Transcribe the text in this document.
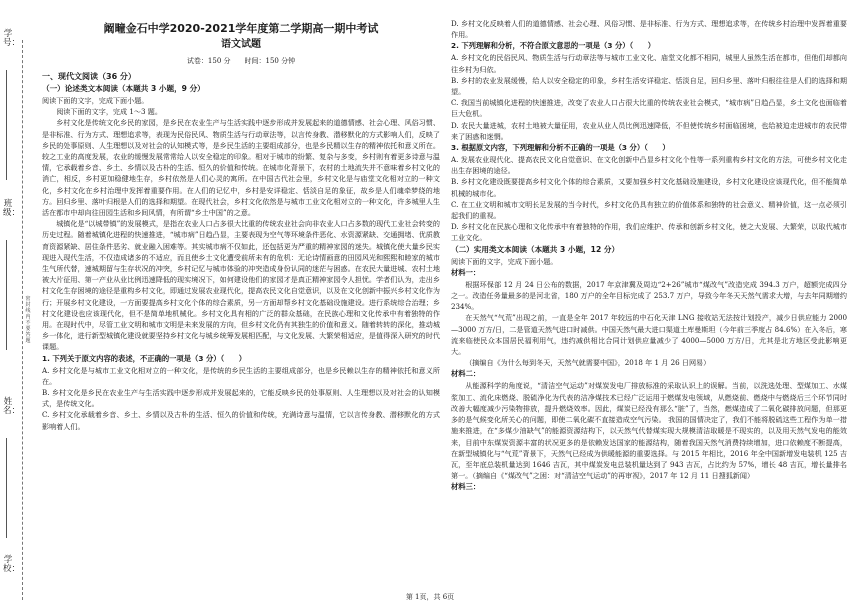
学号：
班级：
姓名：
学校：
密封线内不要答题
阚疃金石中学2020-2021学年度第二学期高一期中考试
语文试题
试卷：150 分　　时间：150 分钟
一、现代文阅读（36 分）
（一）论述类文本阅读（本题共 3 小题，9 分）

阅读下面的文字，完成下面小题。

阅读下面的文字，完成 1～3 题。

乡村文化是传统文化乡民的家园，是乡民在农业生产与生活实践中逐步形成并发展起来的道德情感、社会心理、风俗习惯、是非标准、行为方式、理想追求等，表现为民俗民风、物质生活与行动章法等，以言传身教、潜移默化的方式影响人们，反映了乡民的处事原则、人生理想以及对社会的认知模式等，是乡民生活的主要组成部分，也是乡民精以生存的精神依托和意义所在。较之工业的高度发展，农业的缓慢发展常常给人以安全稳定的印象。相对于城市的纷繁、复杂与多变，乡村则有着更多诗意与温情，它承载着乡音、乡土、乡情以及古朴的生活、恒久的价值和传统。在城市化背景下，农村的土地流失并不意味着乡村文化的消亡，相反，乡村更加稳健地生存，乡村依然是人们心灵的寓所。在中国古代社会里，乡村文化是与庙堂文化相对立的一种文化，乡村文化在乡村治理中发挥着重要作用。在人们的记忆中，乡村是安详稳定、恬淡自足的象征，故乡是人们魂牵梦绕的地方。回归乡里、落叶归根是人们的选择和期望。在现代社会，乡村文化依然是与城市工业文化相对立的一种文化，许多城里人生活在都市中却向往田园生活和乡间风情，有所谓“乡土中国”的之意。

城镇化是“以城带镇”的发展模式，是指在农业人口占多很大比重的传统农业社会向非农业人口占多数的现代工业社会转变的历史过程。随着城镇化进程的快速推进，“城市病”日趋凸显，主要表现为空气等环境条件恶化、水资源紧缺、交通拥堵、优质教育资源紧缺、居住条件恶劣、就业融入困难等。其实城市病不仅如此，还包括更为严重的精神家园的迷失。城镇化使大量乡民实现进入现代生活，不仅造成诸多的不适应，而且使乡土文化遭受前所未有的危机：无论诗情画意的田园风光和熙熙和睦家的城市生气所代替，速城期留与生存状况的冲突，乡村记忆与城市体验的冲突造成身份认同的迷茫与困惑。在农民大量进城、农村土地被大片征用、第一产业从业比例迅速降低的现实境况下，如何建设他们的家园才是真正精神家园令人担忧。学者们认为，走出乡村文化生存困境的途径是重构乡村文化，即通过发展农业现代化，提高农民文化自觉意识，以及在文化创新中振兴乡村文化作为行；开展乡村文化建设，一方面要提高乡村文化个体的综合素质，另一方面却帮乡村文化基础设施建设。进行系统综合治理；乡村文化建设也应该现代化，但不是简单地机械化。乡村文化具有相的广泛的群众基础，在民族心理和文化传承中有着独特的作用。在现时代中，尽管工业文明和城市文明是未来发展的方向，但乡村文化仍有其独生的价值和意义。随着转转的深化，推动城乡一体化，进行新型城镇化建设就要坚持乡村文化与城乡统筹发展相匹配，与文化发展、大繁荣相适应，是值得深入研究的时代课题。

1. 下列关于原文内容的表述，不正确的一项是（3 分）（　　）

A. 乡村文化是与城市工业文化相对立的一种文化，是传统的乡民生活的主要组成部分，也是乡民赖以生存的精神依托和意义所在。

B. 乡村文化是乡民在农业生产与生活实践中逐步形成并发展起来的，它能反映乡民的处事原则、人生理想以及对社会的认知模式，是传统文化。

C. 乡村文化承载着乡音、乡土、乡情以及古朴的生活、恒久的价值和传统，充满诗意与温情，它以言传身教、潜移默化的方式影响着人们。

D. 乡村文化反映着人们的道德情感、社会心理、风俗习惯、是非标准、行为方式、理想追求等，在传统乡村治理中发挥着重要作用。

2. 下列理解和分析，不符合原文意思的一项是（3 分）（　　）

A. 乡村文化的民俗民风、物质生活与行动章法等与城市工业文化、庙堂文化都不相同，城里人虽然生活在都市，但他们却都向往乡村为归依。

B. 乡村的农业发展缓慢，给人以安全稳定的印象，乡村生活安详稳定、恬淡自足，回归乡里、落叶归根往往是人们的选择和期望。

C. 我国当前城镇化进程的快速推进，改变了农业人口占很大比重的传统农业社会模式，“城市病”日趋凸显，乡土文化也面临着巨大危机。

D. 农民大量进城，农村土地被大量征用，农业从业人员比例迅速降低，不但使传统乡村面临困境，也给被迫走进城市的农民带来了困惑和迷惘。

3. 根据原文内容，下列理解和分析不正确的一项是（3 分）（　　）

A. 发展农业现代化、提高农民文化自觉意识、在文化创新中凸显乡村文化个性等一系列重构乡村文化的方法，可使乡村文化走出生存困境的途径。

B. 乡村文化建设既要提高乡村文化个体的综合素质，又要加强乡村文化基础设施建设，乡村文化建设应该现代化，但不能简单机械的城市化。

C. 在工业文明和城市文明长足发展的当今时代，乡村文化仍具有独立的价值体系和独特的社会意义、精神价值，这一点必须引起我们的重视。

D. 乡村文化在民族心理和文化传承中有着独特的作用，我们应维护、传承和创新乡村文化，使之大发展、大繁荣，以取代城市工业文化。

（二）实用类文本阅读（本题共 3 小题，12 分）

阅读下面的文字，完成下面小题。

材料一：

根据环保部 12 月 24 日公布的数据，2017 年京津冀及周边“2+26”城市“煤改气”改造完成 394.3 万户，超额完成四分之一。改造任务量最多的是河北省，180 万户的全年目标完成了 253.7 万户，导致今年冬天天然气需求大增，与去年同期增约 234%。

在天然气“气荒”出现之前，一直是全年 2017 年较远的中石化天津 LNG 接收站无法按计划投产，减少日供应能力 2000—3000 万方/日，二是管道天然气进口时减供。中国天然气最大进口渠道土库曼斯坦（今年前三季度占 84.6%）在入冬后，寒流来临使民众本国居民福利用气，违约减供相比合同计划供应量减少了 4000—5000 万方/日，尤其是北方地区受此影响更大。

（摘编自《为什么每到冬天，天然气就需要中国》，2018 年 1 月 26 日网易）

材料二：

从能源科学的角度说，“清洁空气运动”对煤炭发电厂排放标准的采取认识上的误解。当前，以洗选处理、型煤加工、水煤浆加工、流化床燃烧、脱硫净化为代表的洁净煤技术已经广泛运用于燃煤发电领域，从燃烧前、燃烧中与燃烧后三个环节同时改善大幅度减少污染物排放，提升燃烧效率。因此，煤炭已经没有那么“脏”了，当然，燃煤造成了二氧化碳排放问题，但那更多的是气候变化所关心的问题，即使二氧化碳不直接造成空气污染。 我国的国情决定了，我们不能将脱硫这些工程作为单一措施来推进，在“多煤少油缺气”的能源资源结构下，以天然气代替煤实现大规模清洁取暖是不现实的，以及用天然气发电的能效来，目前中东煤炭资源丰富的状况更多的是依赖发达国家的能源结构，随着我国天然气消费持续增加，进口依赖度不断提高，在新型城镇化与“气荒”背景下，天然气已经成为供暖能源的重要选择。与 2015 年相比，2016 年全中国新增发电装机 125 吉瓦，至年底总装机量达到 1646 吉瓦，其中煤炭发电总装机量达到了 943 吉瓦，占比约为 57%，增长 48 吉瓦，增长量排名第一。（摘编自《“煤改气”之困：对“清洁空气运动”的再审视》，2017 年 12 月 11 日搜狐新闻）

材料三：
第 1页，共 6页
